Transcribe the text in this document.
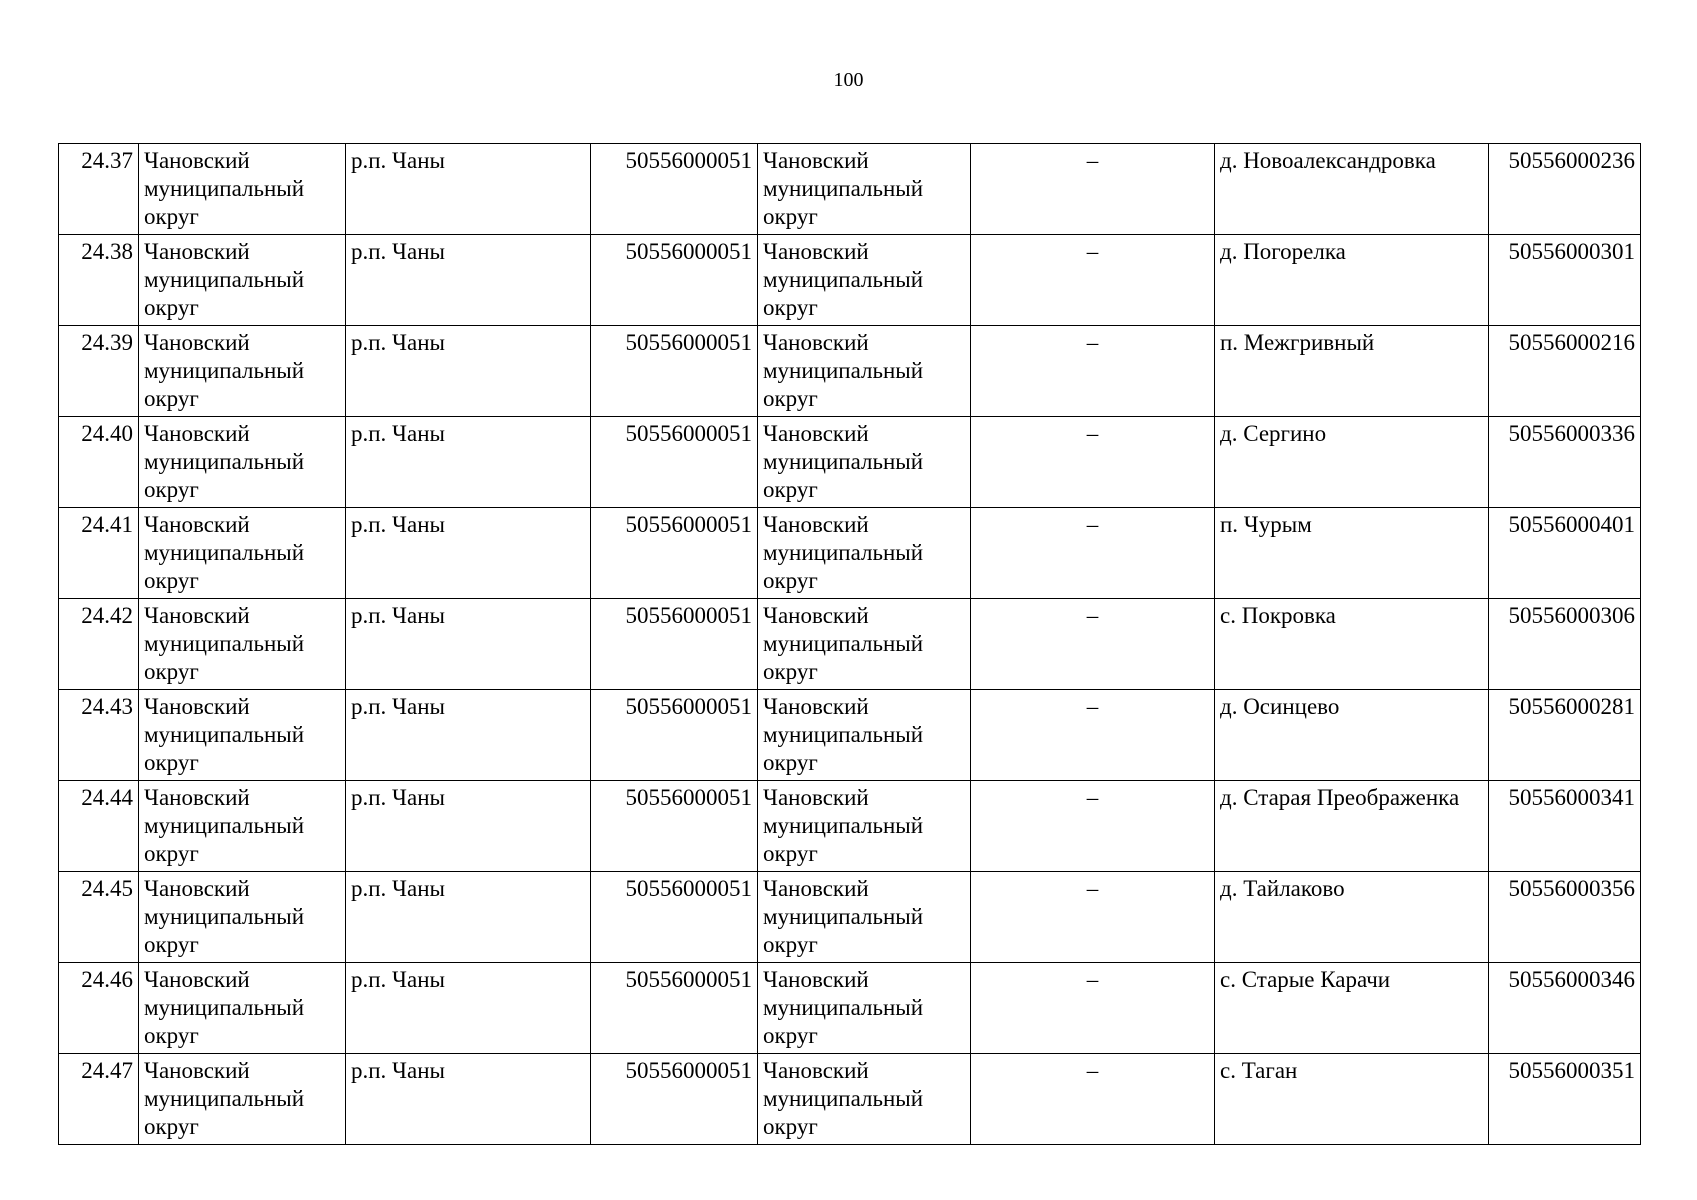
100
24.37	Чановский
муниципальный
округ	р.п. Чаны	50556000051	Чановский
муниципальный
округ	–	д. Новоалександровка	50556000236
24.38	Чановский
муниципальный
округ	р.п. Чаны	50556000051	Чановский
муниципальный
округ	–	д. Погорелка	50556000301
24.39	Чановский
муниципальный
округ	р.п. Чаны	50556000051	Чановский
муниципальный
округ	–	п. Межгривный	50556000216
24.40	Чановский
муниципальный
округ	р.п. Чаны	50556000051	Чановский
муниципальный
округ	–	д. Сергино	50556000336
24.41	Чановский
муниципальный
округ	р.п. Чаны	50556000051	Чановский
муниципальный
округ	–	п. Чурым	50556000401
24.42	Чановский
муниципальный
округ	р.п. Чаны	50556000051	Чановский
муниципальный
округ	–	с. Покровка	50556000306
24.43	Чановский
муниципальный
округ	р.п. Чаны	50556000051	Чановский
муниципальный
округ	–	д. Осинцево	50556000281
24.44	Чановский
муниципальный
округ	р.п. Чаны	50556000051	Чановский
муниципальный
округ	–	д. Старая Преображенка	50556000341
24.45	Чановский
муниципальный
округ	р.п. Чаны	50556000051	Чановский
муниципальный
округ	–	д. Тайлаково	50556000356
24.46	Чановский
муниципальный
округ	р.п. Чаны	50556000051	Чановский
муниципальный
округ	–	с. Старые Карачи	50556000346
24.47	Чановский
муниципальный
округ	р.п. Чаны	50556000051	Чановский
муниципальный
округ	–	с. Таган	50556000351
